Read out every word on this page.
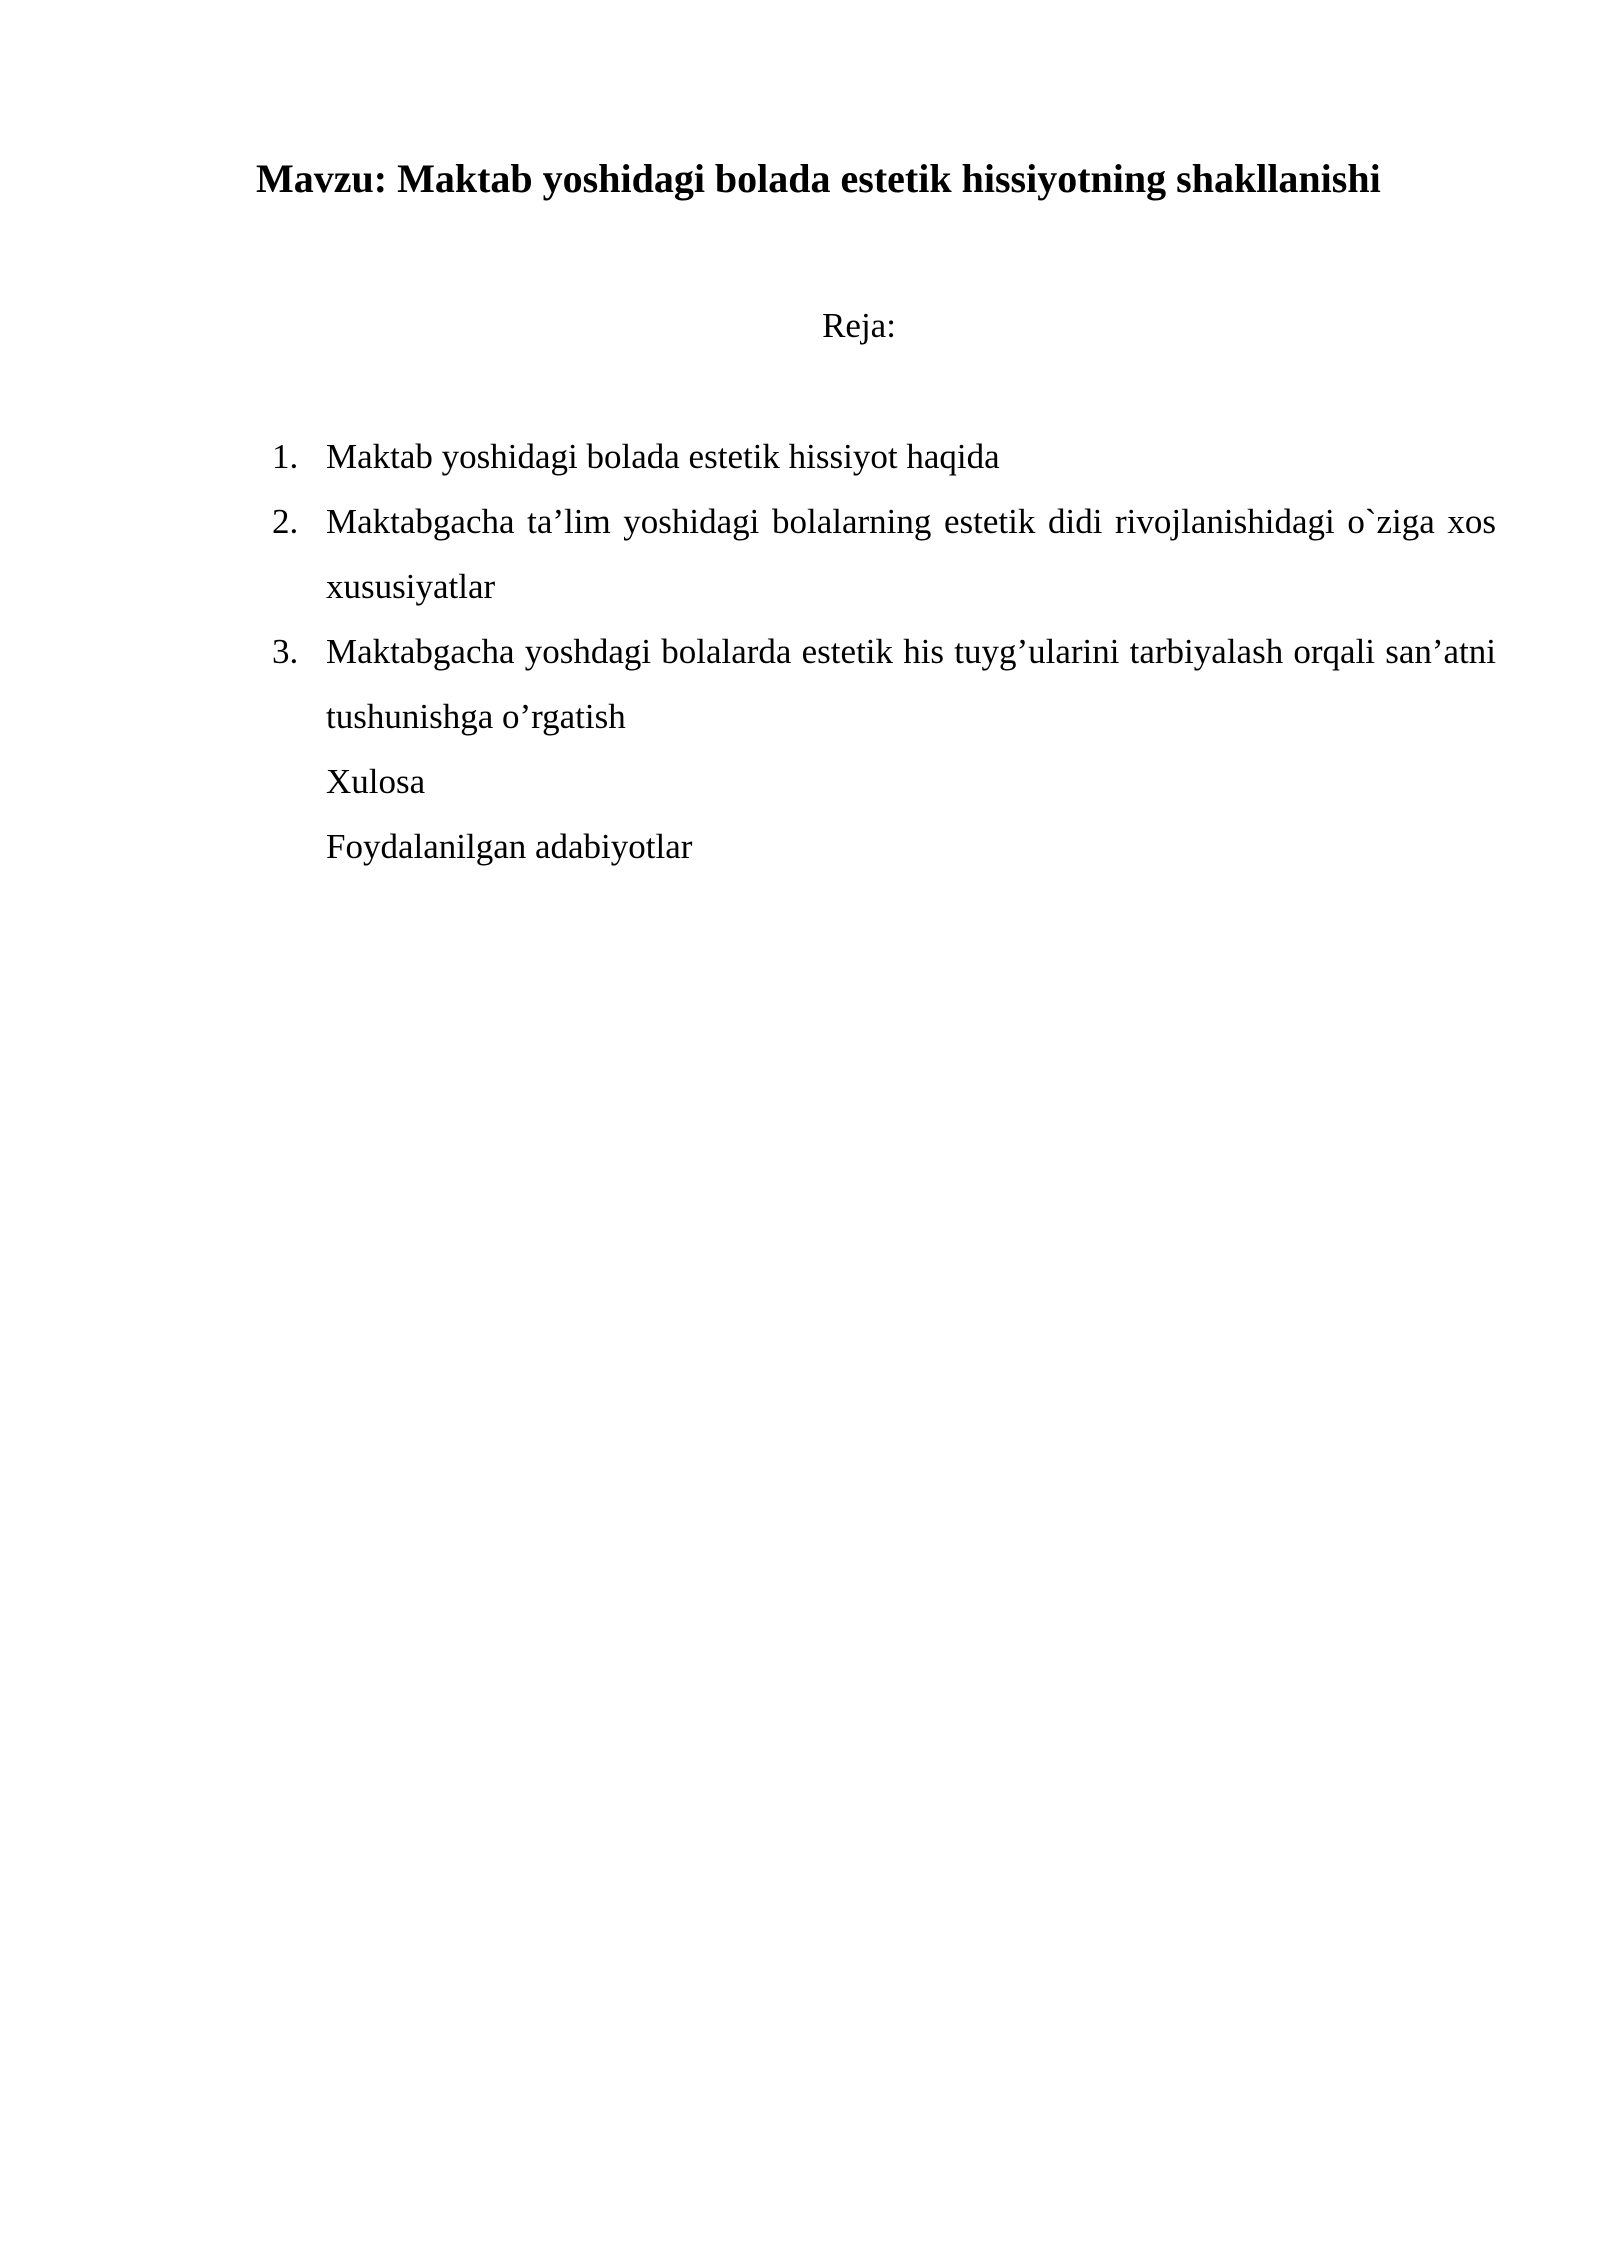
Mavzu: Maktab yoshidagi bolada estetik hissiyotning shakllanishi
Reja:
1. Maktab yoshidagi bolada estetik hissiyot haqida
2. Maktabgacha ta’lim yoshidagi bolalarning estetik didi rivojlanishidagi o`ziga xos xususiyatlar
3. Maktabgacha yoshdagi bolalarda estetik his tuyg’ularini tarbiyalash orqali san’atni tushunishga o’rgatish
Xulosa
Foydalanilgan adabiyotlar
